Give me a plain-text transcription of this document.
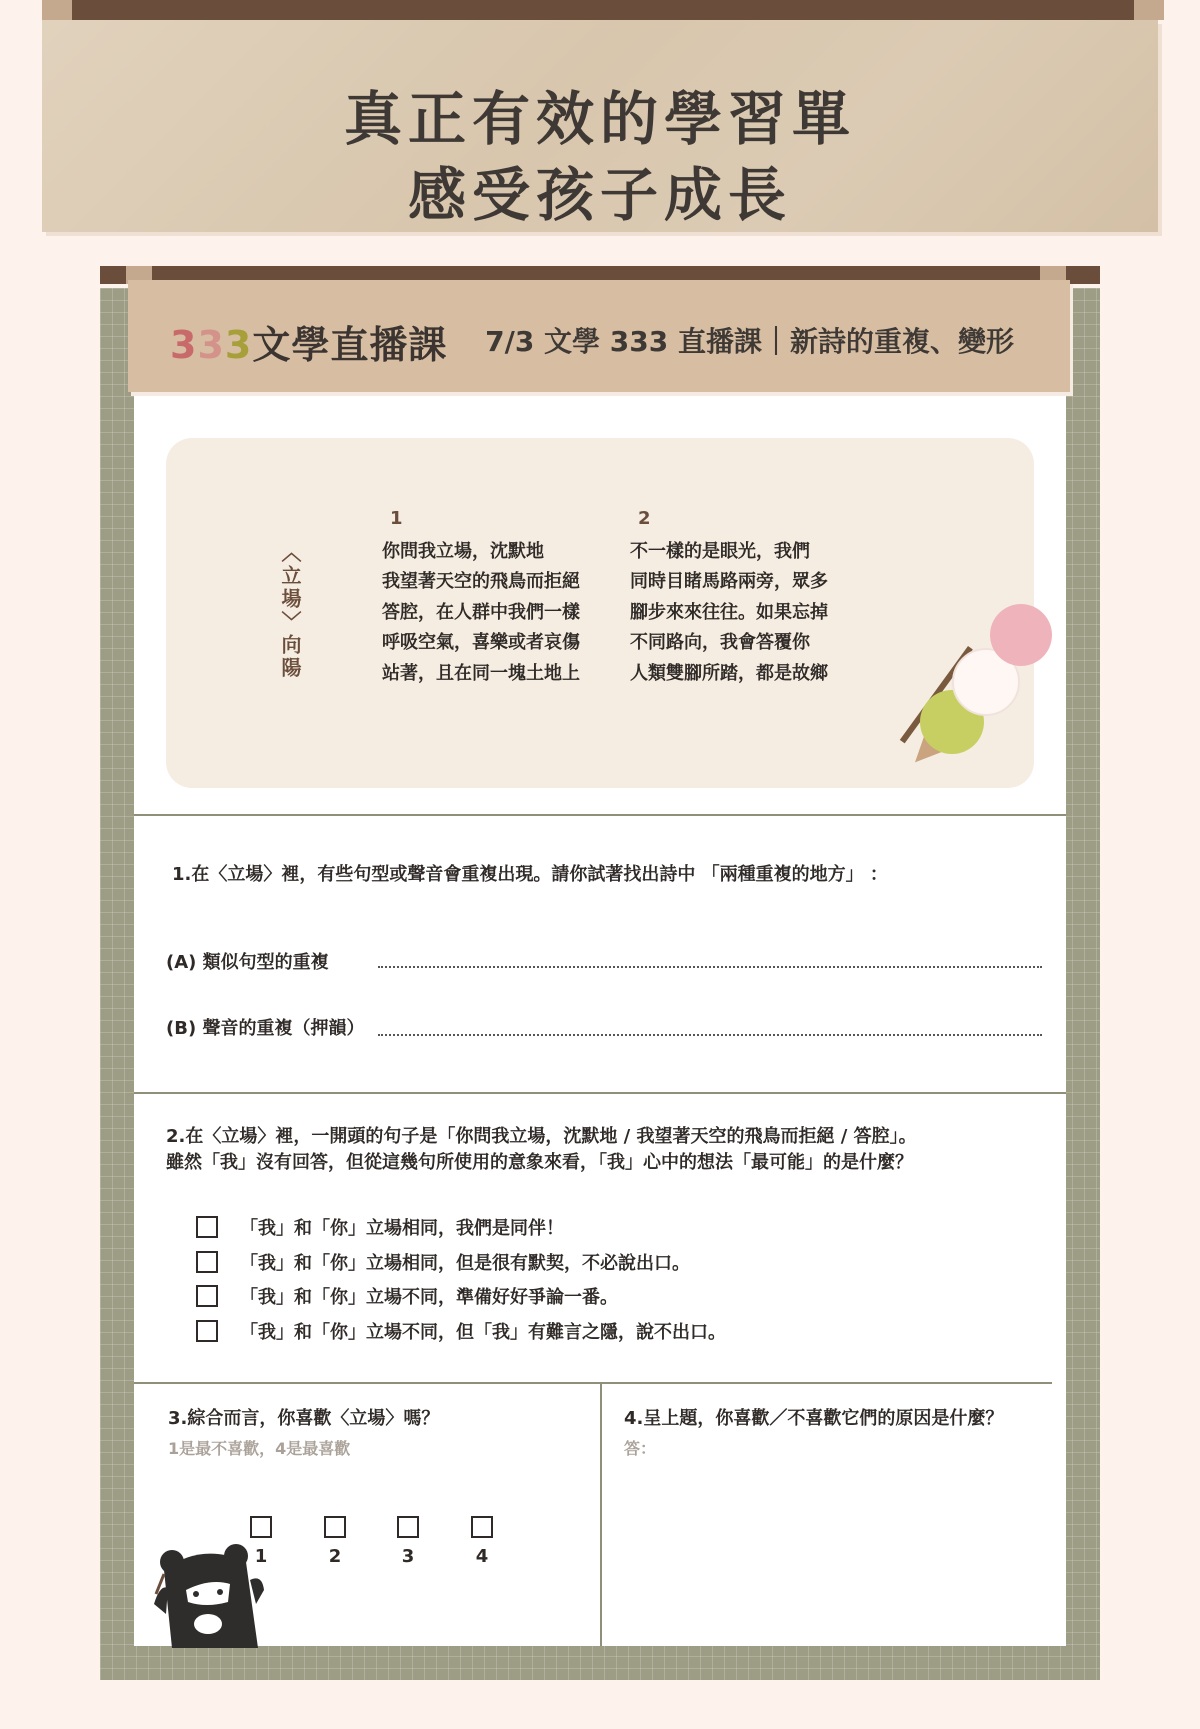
真正有效的學習單
感受孩子成長
333文學直播課 7/3 文學 333 直播課｜新詩的重複、變形
〈立場〉向陽
1
你問我立場，沈默地
我望著天空的飛鳥而拒絕
答腔，在人群中我們一樣
呼吸空氣，喜樂或者哀傷
站著，且在同一塊土地上
2
不一樣的是眼光，我們
同時目睹馬路兩旁，眾多
腳步來來往往。如果忘掉
不同路向，我會答覆你
人類雙腳所踏，都是故鄉
1.在〈立場〉裡，有些句型或聲音會重複出現。請你試著找出詩中 「兩種重複的地方」 ：
(A) 類似句型的重複
(B) 聲音的重複（押韻）
2.在〈立場〉裡，一開頭的句子是「你問我立場，沈默地 / 我望著天空的飛鳥而拒絕 / 答腔」。
雖然「我」沒有回答，但從這幾句所使用的意象來看，「我」心中的想法「最可能」的是什麼？
「我」和「你」立場相同，我們是同伴！
「我」和「你」立場相同，但是很有默契，不必說出口。
「我」和「你」立場不同，準備好好爭論一番。
「我」和「你」立場不同，但「我」有難言之隱，說不出口。
3.綜合而言，你喜歡〈立場〉嗎？
1是最不喜歡，4是最喜歡
1	2	3	4
4.呈上題，你喜歡／不喜歡它們的原因是什麼？
答：
